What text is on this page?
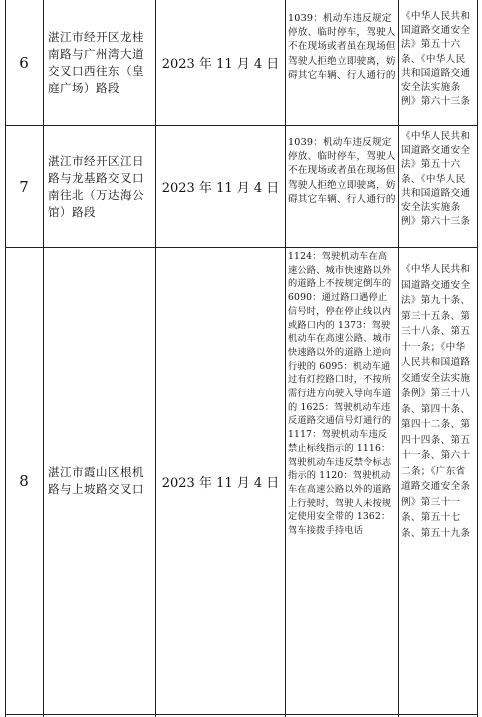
6
湛江市经开区龙桂南路与广州湾大道交叉口西往东（皇庭广场）路段
2023 年 11 月 4 日
1039：机动车违反规定停放、临时停车，驾驶人不在现场或者虽在现场但驾驶人拒绝立即驶离，妨碍其它车辆、行人通行的
《中华人民共和国道路交通安全法》第五十六条、《中华人民共和国道路交通安全法实施条例》第六十三条
7
湛江市经开区江日路与龙基路交叉口南往北（万达海公馆）路段
2023 年 11 月 4 日
1039：机动车违反规定停放、临时停车，驾驶人不在现场或者虽在现场但驾驶人拒绝立即驶离，妨碍其它车辆、行人通行的
《中华人民共和国道路交通安全法》第五十六条、《中华人民共和国道路交通安全法实施条例》第六十三条
8 湛江市霞山区根机路与上坡路交叉口	2023 年 11 月 4 日
1124：驾驶机动车在高速公路、城市快速路以外的道路上不按规定倒车的 6090：通过路口遇停止信号时，停在停止线以内或路口内的 1373：驾驶机动车在高速公路、城市快速路以外的道路上逆向行驶的 6095：机动车通过有灯控路口时，不按所需行进方向驶入导向车道的 1625：驾驶机动车违反道路交通信号灯通行的 1117：驾驶机动车违反禁止标线指示的 1116：驾驶机动车违反禁令标志指示的 1120：驾驶机动车在高速公路以外的道路上行驶时，驾驶人未按规定使用安全带的 1362：驾车接拨手持电话
《中华人民共和国道路交通安全法》第九十条、第三十五条、第三十八条、第五十一条；《中华人民共和国道路交通安全法实施条例》第三十八条、第四十条、第四十二条、第四十四条、第五十一条、第六十二条；《广东省道路交通安全条例》第三十一条、第五十七条、第五十九条
